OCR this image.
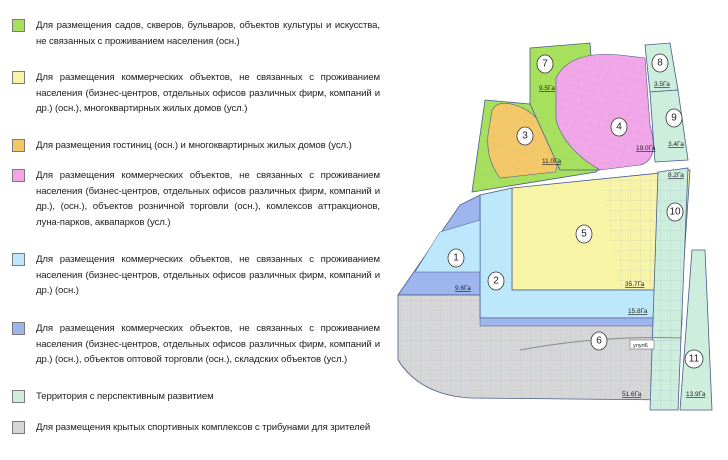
Для размещения садов, скверов, бульваров, объектов культуры и искусства, не связанных с проживанием населения (осн.)
Для размещения коммерческих объектов, не связанных с проживанием населения (бизнес-центров, отдельных офисов различных фирм, компаний и др.) (осн.), многоквартирных жилых домов (усл.)
Для размещения гостиниц (осн.) и многоквартирных жилых домов (усл.)
Для размещения коммерческих объектов, не связанных с проживанием населения (бизнес-центров, отдельных офисов различных фирм, компаний и др.), (осн.), объектов розничной торговли (осн.), комлексов аттракционов, луна-парков, аквапарков (усл.)
Для размещения коммерческих объектов, не связанных с проживанием населения (бизнес-центров, отдельных офисов различных фирм, компаний и др.) (осн.)
Для размещения коммерческих объектов, не связанных с проживанием населения (бизнес-центров, отдельных офисов различных фирм, компаний и др.) (осн.), объектов оптовой торговли (осн.), складских объектов (усл.)
Территория с перспективным развитием
Для размещения крытых спортивных комплексов с трибунами для зрителей
1
9.6Га
2
3
11.0Га
4
19.0Га
5
35.7Га
6
51.6Га
7
9.5Га
8
3.5Га
9
3.4Га
10
8.2Га
11
13.9Га
15.8Га
улул6
